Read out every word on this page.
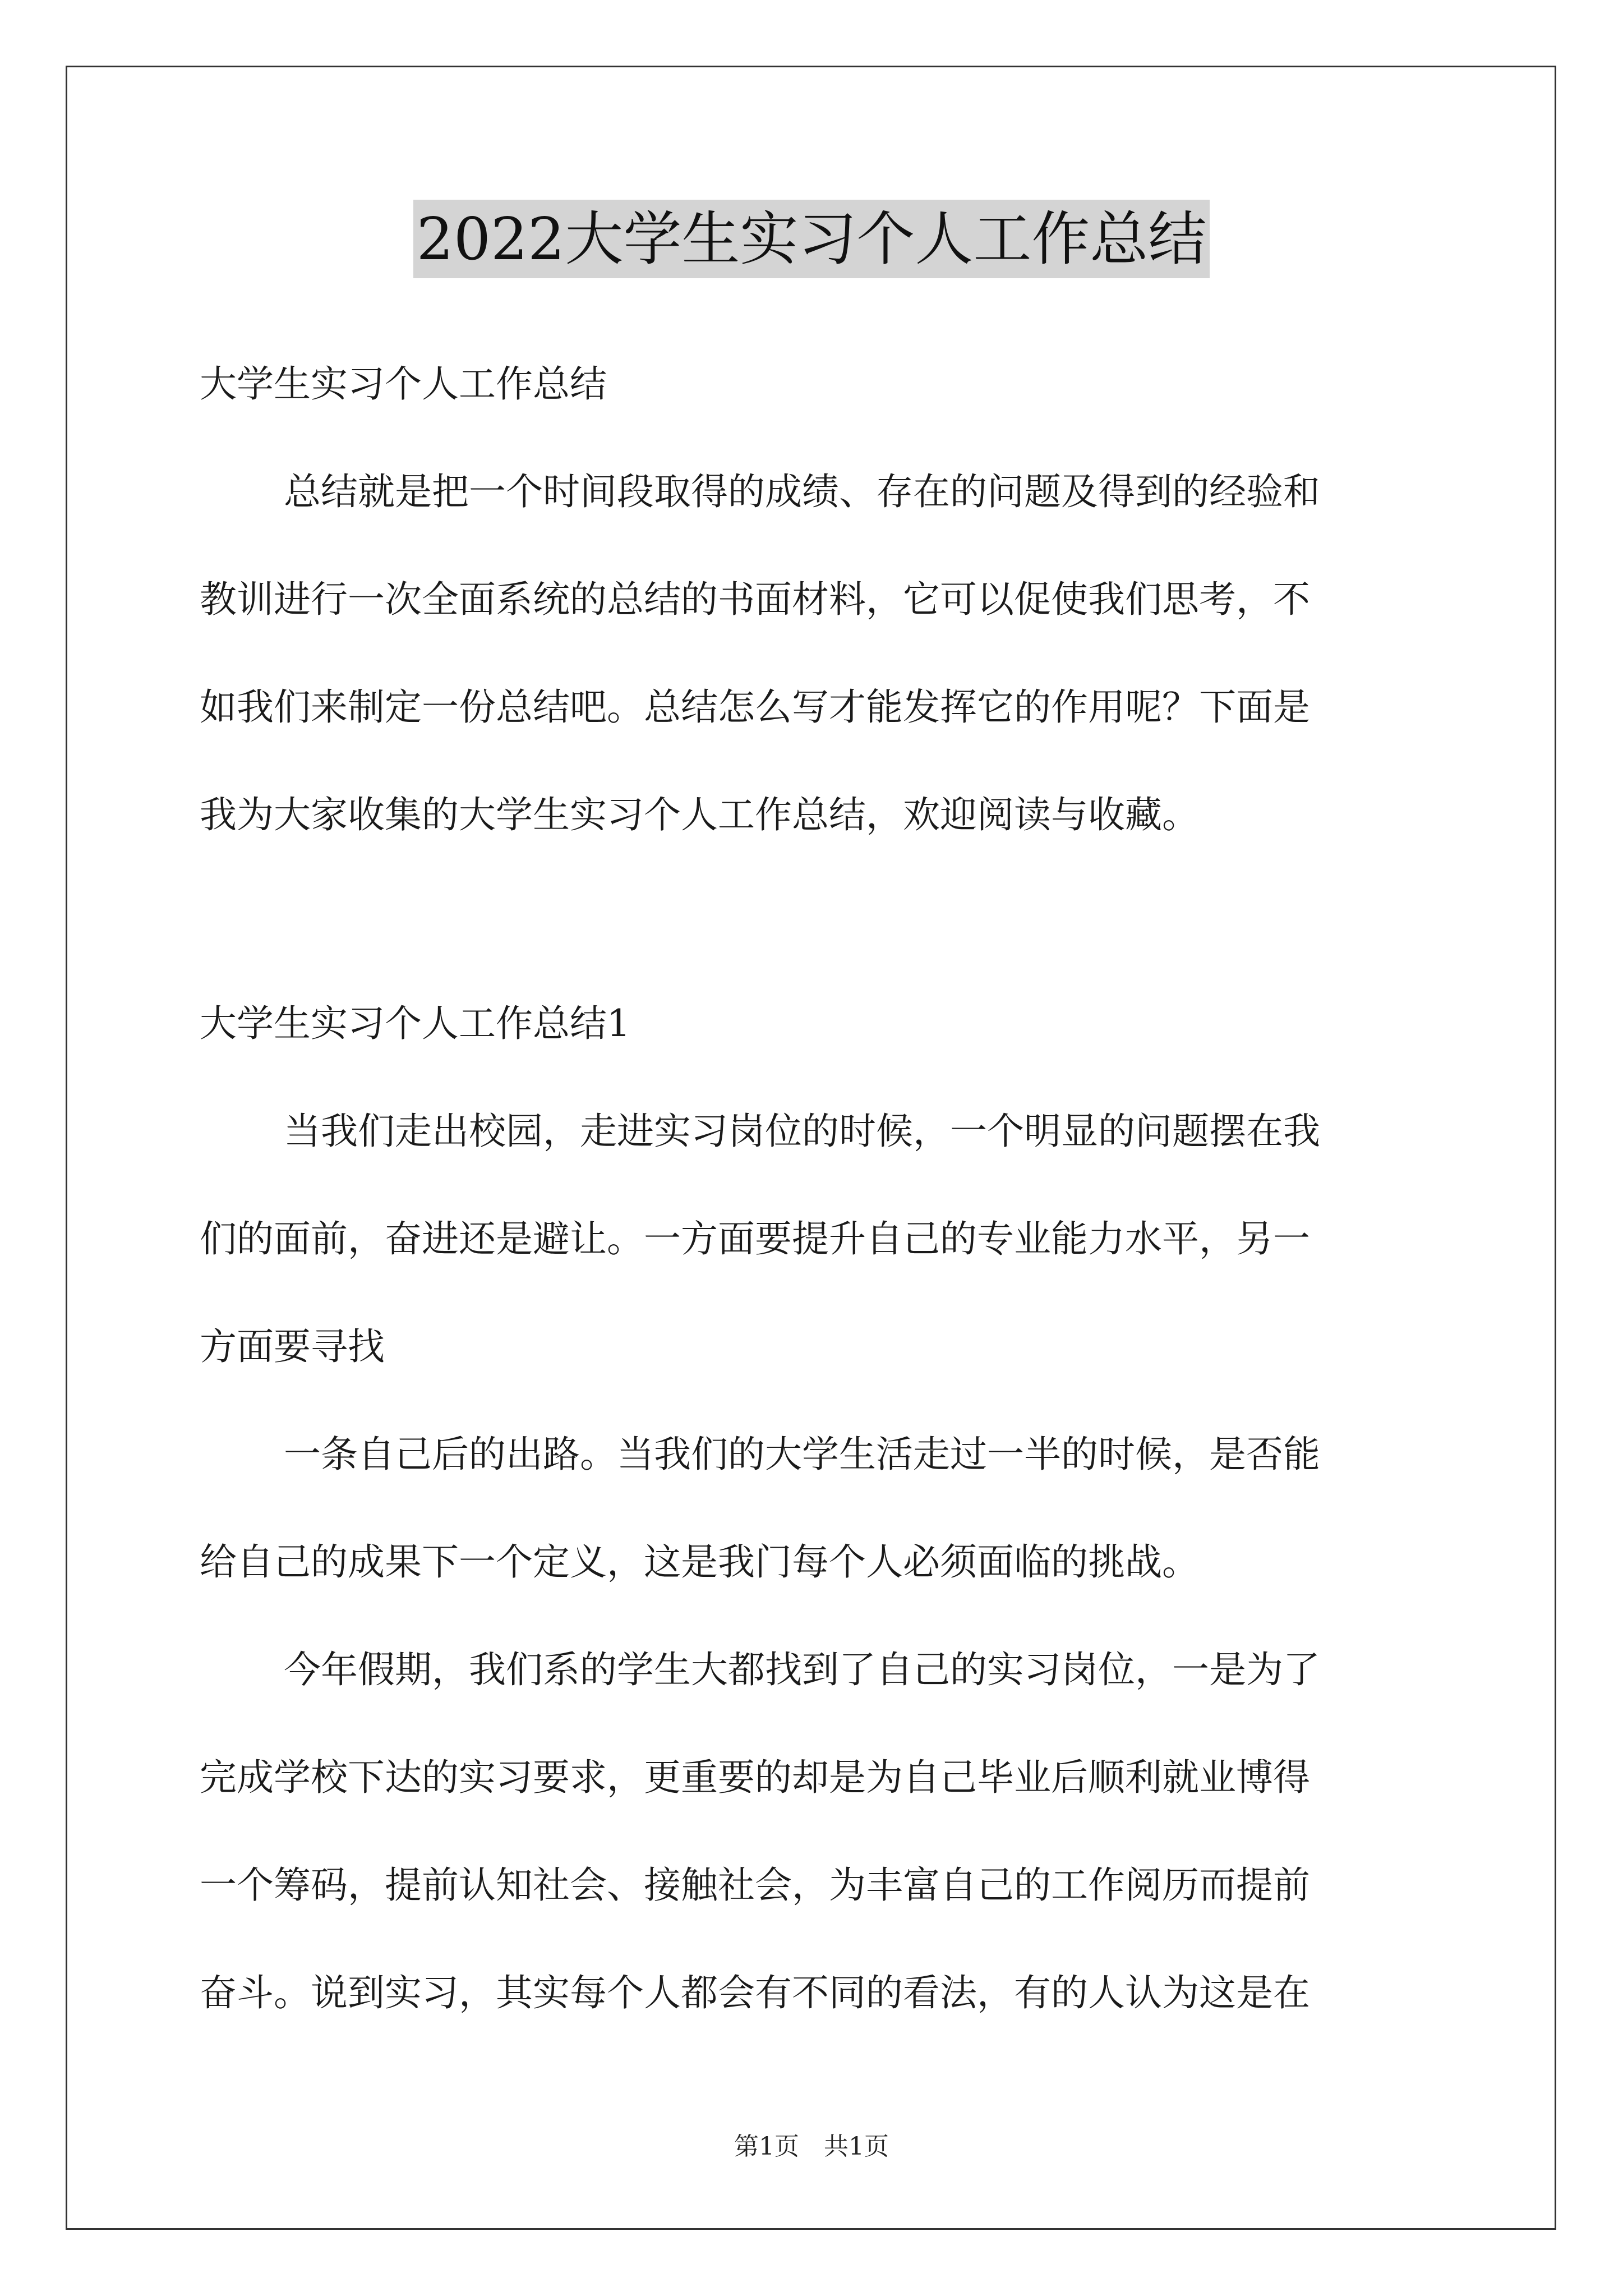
2022大学生实习个人工作总结
大学生实习个人工作总结
总结就是把一个时间段取得的成绩、存在的问题及得到的经验和
教训进行一次全面系统的总结的书面材料，它可以促使我们思考，不
如我们来制定一份总结吧。总结怎么写才能发挥它的作用呢？下面是
我为大家收集的大学生实习个人工作总结，欢迎阅读与收藏。
大学生实习个人工作总结1
当我们走出校园，走进实习岗位的时候，一个明显的问题摆在我
们的面前，奋进还是避让。一方面要提升自己的专业能力水平，另一
方面要寻找
一条自己后的出路。当我们的大学生活走过一半的时候，是否能
给自己的成果下一个定义，这是我门每个人必须面临的挑战。
今年假期，我们系的学生大都找到了自己的实习岗位，一是为了
完成学校下达的实习要求，更重要的却是为自己毕业后顺利就业博得
一个筹码，提前认知社会、接触社会，为丰富自己的工作阅历而提前
奋斗。说到实习，其实每个人都会有不同的看法，有的人认为这是在
第1页　共1页
